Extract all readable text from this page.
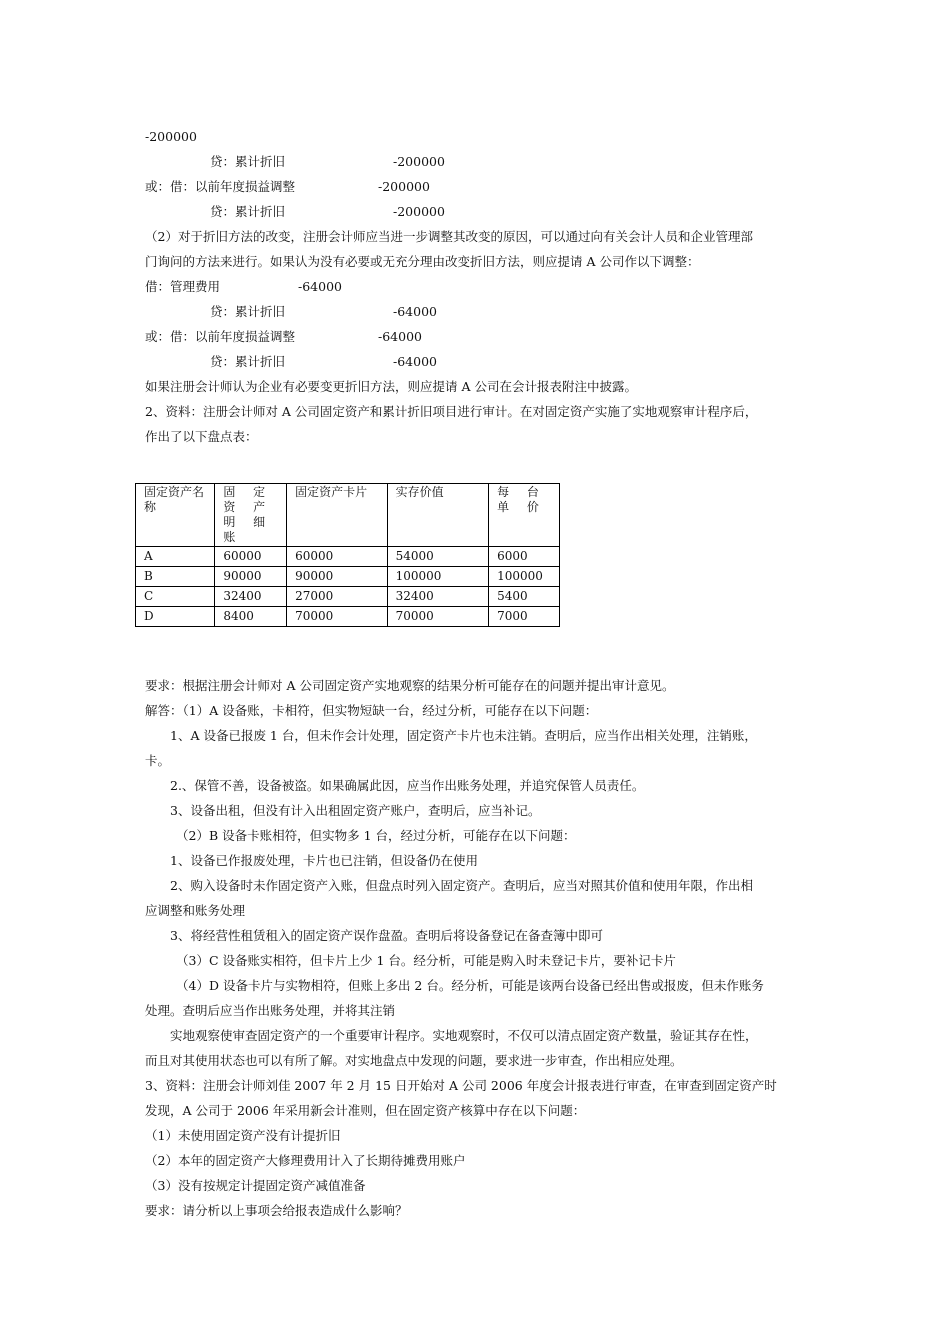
-200000
贷：累计折旧	-200000
或：借：以前年度损益调整	-200000
贷：累计折旧	-200000
（2）对于折旧方法的改变，注册会计师应当进一步调整其改变的原因，可以通过向有关会计人员和企业管理部
门询问的方法来进行。如果认为没有必要或无充分理由改变折旧方法，则应提请 A 公司作以下调整：
借：管理费用	-64000
贷：累计折旧	-64000
或：借：以前年度损益调整	-64000
贷：累计折旧	-64000
如果注册会计师认为企业有必要变更折旧方法，则应提请 A 公司在会计报表附注中披露。
2、资料：注册会计师对 A 公司固定资产和累计折旧项目进行审计。在对固定资产实施了实地观察审计程序后，
作出了以下盘点表：
固定资产名称	固 定 资 产 明 细 账	固定资产卡片	实存价值	每 台 单 价
A	60000	60000	54000	6000
B	90000	90000	100000	100000
C	32400	27000	32400	5400
D	8400	70000	70000	7000
要求：根据注册会计师对 A 公司固定资产实地观察的结果分析可能存在的问题并提出审计意见。
解答：（1）A 设备账，卡相符，但实物短缺一台，经过分析，可能存在以下问题：
1、A 设备已报废 1 台，但未作会计处理，固定资产卡片也未注销。查明后，应当作出相关处理，注销账，
卡。
2.、保管不善，设备被盗。如果确属此因，应当作出账务处理，并追究保管人员责任。
3、设备出租，但没有计入出租固定资产账户，查明后，应当补记。
（2）B 设备卡账相符，但实物多 1 台，经过分析，可能存在以下问题：
1、设备已作报废处理，卡片也已注销，但设备仍在使用
2、购入设备时未作固定资产入账，但盘点时列入固定资产。查明后，应当对照其价值和使用年限，作出相
应调整和账务处理
3、将经营性租赁租入的固定资产误作盘盈。查明后将设备登记在备查簿中即可
（3）C 设备账实相符，但卡片上少 1 台。经分析，可能是购入时未登记卡片，要补记卡片
（4）D 设备卡片与实物相符，但账上多出 2 台。经分析，可能是该两台设备已经出售或报废，但未作账务
处理。查明后应当作出账务处理，并将其注销
实地观察使审查固定资产的一个重要审计程序。实地观察时，不仅可以清点固定资产数量，验证其存在性，
而且对其使用状态也可以有所了解。对实地盘点中发现的问题，要求进一步审查，作出相应处理。
3、资料：注册会计师刘佳 2007 年 2 月 15 日开始对 A 公司 2006 年度会计报表进行审查，在审查到固定资产时
发现，A 公司于 2006 年采用新会计准则，但在固定资产核算中存在以下问题：
（1）未使用固定资产没有计提折旧
（2）本年的固定资产大修理费用计入了长期待摊费用账户
（3）没有按规定计提固定资产减值准备
要求：请分析以上事项会给报表造成什么影响？
